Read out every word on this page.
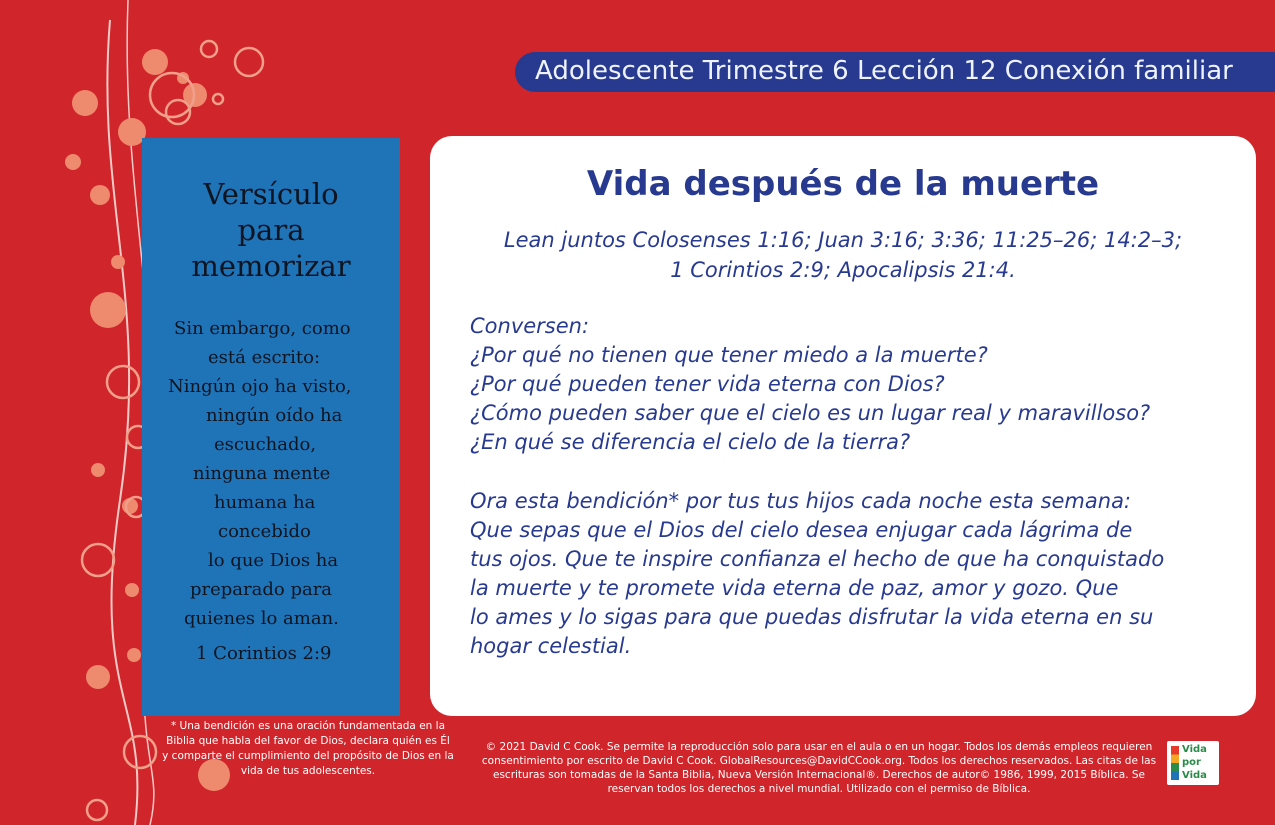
Adolescente Trimestre 6 Lección 12 Conexión familiar
Versículo
para
memorizar
Sin embargo, como
está escrito:
Ningún ojo ha visto,
ningún oído ha
escuchado,
ninguna mente
humana ha
concebido
lo que Dios ha
preparado para
quienes lo aman.
1 Corintios 2:9
Vida después de la muerte
Lean juntos Colosenses 1:16; Juan 3:16; 3:36; 11:25–26; 14:2–3;
1 Corintios 2:9; Apocalipsis 21:4.
Conversen:
¿Por qué no tienen que tener miedo a la muerte?
¿Por qué pueden tener vida eterna con Dios?
¿Cómo pueden saber que el cielo es un lugar real y maravilloso?
¿En qué se diferencia el cielo de la tierra?
Ora esta bendición* por tus tus hijos cada noche esta semana:
Que sepas que el Dios del cielo desea enjugar cada lágrima de
tus ojos. Que te inspire confianza el hecho de que ha conquistado
la muerte y te promete vida eterna de paz, amor y gozo. Que
lo ames y lo sigas para que puedas disfrutar la vida eterna en su
hogar celestial.
* Una bendición es una oración fundamentada en la Biblia que habla del favor de Dios, declara quién es Él y comparte el cumplimiento del propósito de Dios en la vida de tus adolescentes.
© 2021 David C Cook. Se permite la reproducción solo para usar en el aula o en un hogar. Todos los demás empleos requieren consentimiento por escrito de David C Cook. GlobalResources@DavidCCook.org. Todos los derechos reservados. Las citas de las escrituras son tomadas de la Santa Biblia, Nueva Versión Internacional®. Derechos de autor© 1986, 1999, 2015 Bíblica. Se reservan todos los derechos a nivel mundial. Utilizado con el permiso de Bíblica.
Vida
por
Vida
